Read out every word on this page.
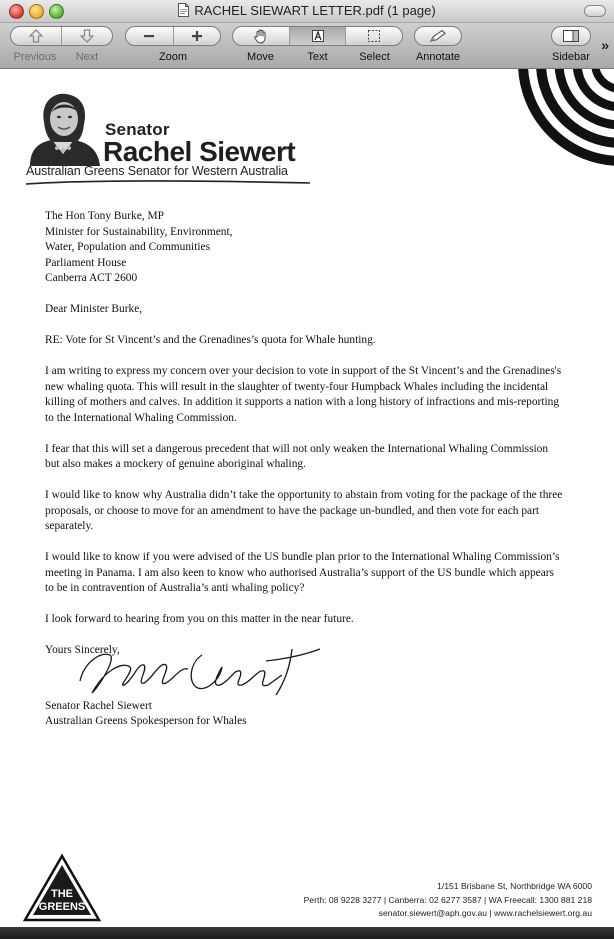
RACHEL SIEWART LETTER.pdf (1 page)
Previous	Next	Zoom	Move	Text	Select	Annotate	Sidebar
»
Senator
Rachel Siewert
Australian Greens Senator for Western Australia

The Hon Tony Burke, MP
Minister for Sustainability, Environment,
Water, Population and Communities
Parliament House
Canberra ACT 2600

Dear Minister Burke,

RE: Vote for St Vincent’s and the Grenadines’s quota for Whale hunting.

I am writing to express my concern over your decision to vote in support of the St Vincent’s and the Grenadines's new whaling quota. This will result in the slaughter of twenty-four Humpback Whales including the incidental killing of mothers and calves. In addition it supports a nation with a long history of infractions and mis-reporting to the International Whaling Commission.

I fear that this will set a dangerous precedent that will not only weaken the International Whaling Commission but also makes a mockery of genuine aboriginal whaling.

I would like to know why Australia didn’t take the opportunity to abstain from voting for the package of the three proposals, or choose to move for an amendment to have the package un-bundled, and then vote for each part separately.

I would like to know if you were advised of the US bundle plan prior to the International Whaling Commission’s meeting in Panama. I am also keen to know who authorised Australia’s support of the US bundle which appears to be in contravention of Australia’s anti whaling policy?

I look forward to hearing from you on this matter in the near future.

Yours Sincerely,

Senator Rachel Siewert

Australian Greens Spokesperson for Whales

THE
GREENS
1/151 Brisbane St, Northbridge WA 6000
Perth: 08 9228 3277 | Canberra: 02 6277 3587 | WA Freecall: 1300 881 218
senator.siewert@aph.gov.au | www.rachelsiewert.org.au
